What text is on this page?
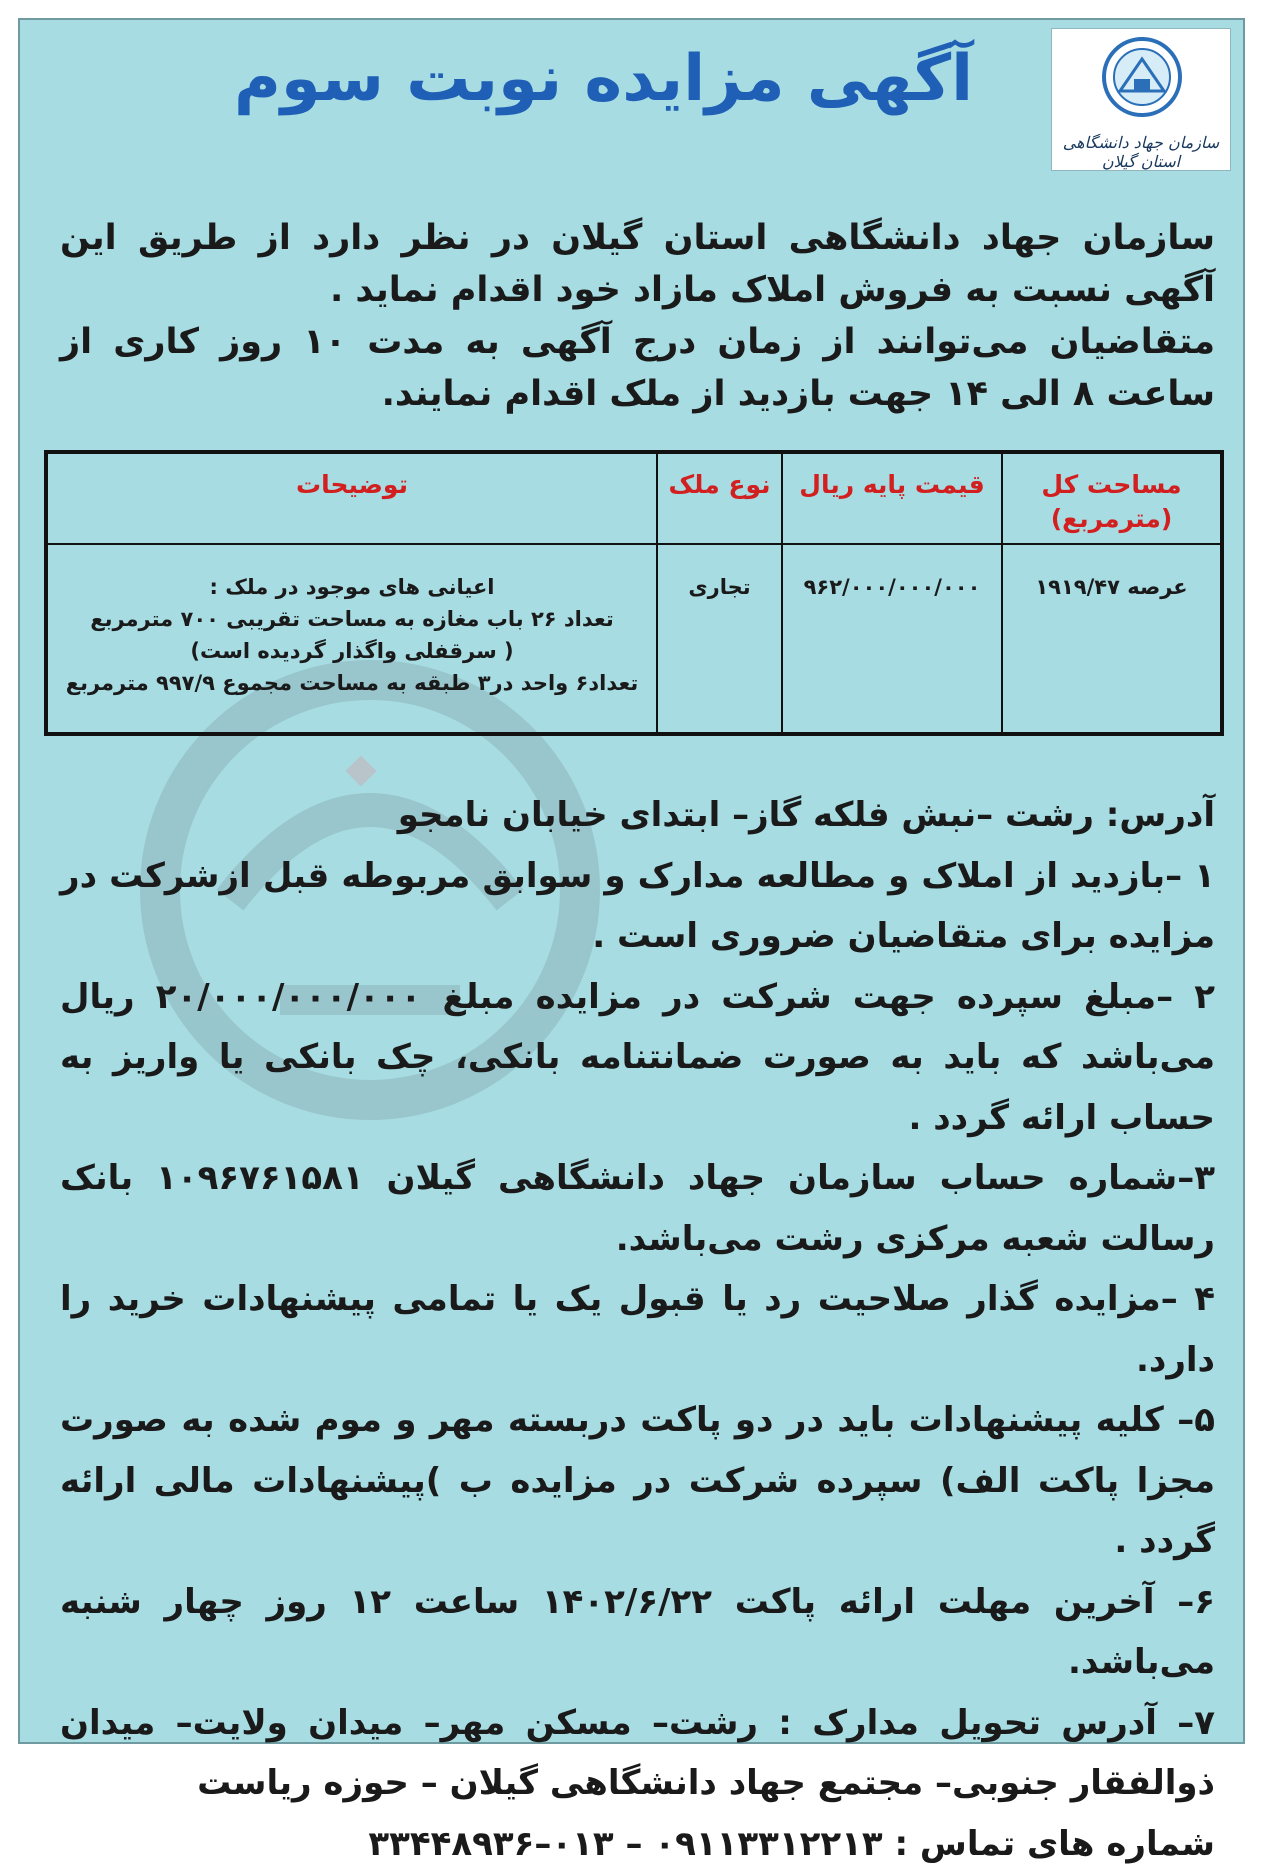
سازمان جهاد دانشگاهی استان گیلان
آگهی مزایده نوبت سوم

سازمان جهاد دانشگاهی استان گیلان در نظر دارد از طریق این آگهی نسبت به فروش املاک مازاد خود اقدام نماید .

متقاضیان می‌توانند از زمان درج آگهی به مدت ۱۰ روز کاری از ساعت ۸ الی ۱۴ جهت بازدید از ملک اقدام نمایند.

مساحت کل (مترمربع)	قیمت پایه ریال	نوع ملک	توضیحات
عرصه ۱۹۱۹/۴۷	۹۶۲/۰۰۰/۰۰۰/۰۰۰	تجاری	اعیانی های موجود در ملک :
تعداد ۲۶ باب مغازه به مساحت تقریبی ۷۰۰ مترمربع
( سرقفلی واگذار گردیده است)
تعداد۶ واحد در۳ طبقه به مساحت مجموع ۹۹۷/۹ مترمربع

آدرس: رشت –نبش فلکه گاز– ابتدای خیابان نامجو

۱ –بازدید از املاک و مطالعه مدارک و سوابق مربوطه قبل ازشرکت در مزایده برای متقاضیان ضروری است .

۲ –مبلغ سپرده جهت شرکت در مزایده مبلغ ۲۰/۰۰۰/۰۰۰/۰۰۰ ریال می‌باشد که باید به صورت ضمانتنامه بانکی، چک بانکی یا واریز به حساب ارائه گردد .

۳–شماره حساب سازمان جهاد دانشگاهی گیلان ۱۰۹۶۷۶۱۵۸۱ بانک رسالت شعبه مرکزی رشت می‌باشد.

۴ –مزایده گذار صلاحیت رد یا قبول یک یا تمامی پیشنهادات خرید را دارد.

۵– کلیه پیشنهادات باید در دو پاکت دربسته مهر و موم شده به صورت مجزا پاکت الف) سپرده شرکت در مزایده ب )پیشنهادات مالی ارائه گردد .

۶– آخرین مهلت ارائه پاکت ۱۴۰۲/۶/۲۲ ساعت ۱۲ روز چهار شنبه می‌باشد.

۷– آدرس تحویل مدارک : رشت– مسکن مهر– میدان ولایت– میدان ذوالفقار جنوبی– مجتمع جهاد دانشگاهی گیلان – حوزه ریاست

شماره های تماس : ۰۹۱۱۳۳۱۲۲۱۳ – ۰۱۳–۳۳۴۴۸۹۳۶
